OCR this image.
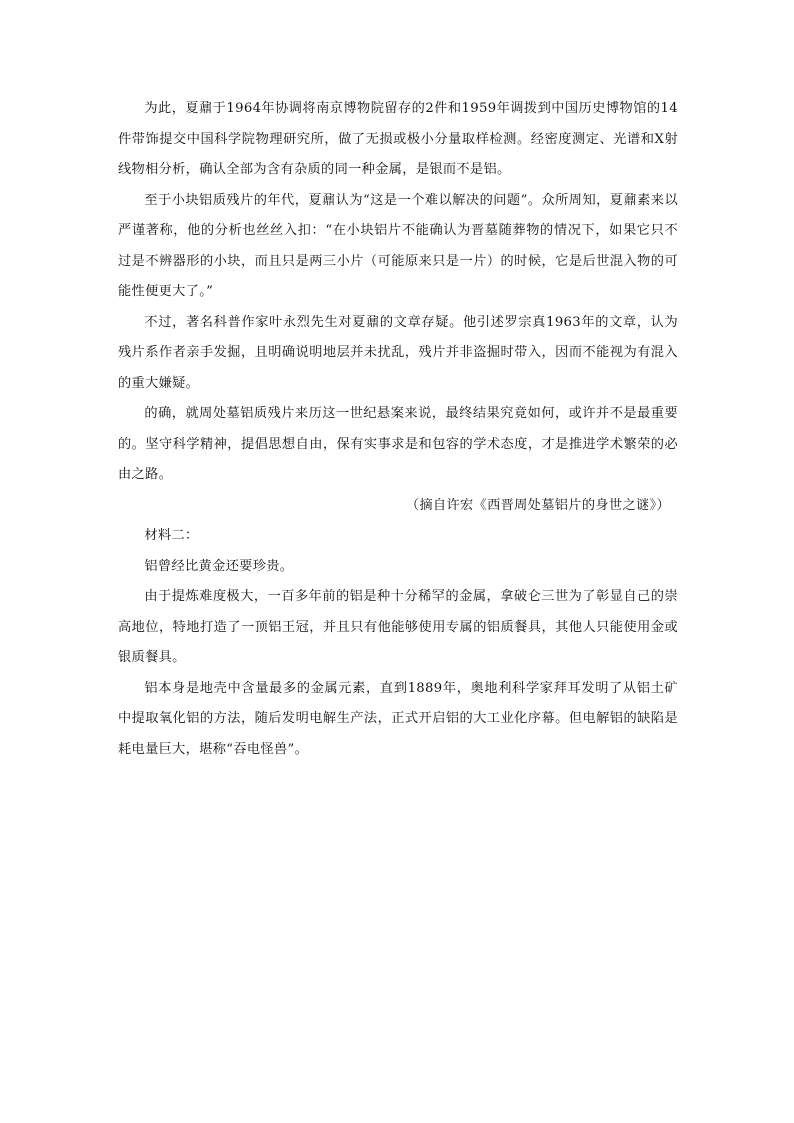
为此，夏鼐于1964年协调将南京博物院留存的2件和1959年调拨到中国历史博物馆的14件带饰提交中国科学院物理研究所，做了无损或极小分量取样检测。经密度测定、光谱和X射线物相分析，确认全部为含有杂质的同一种金属，是银而不是铝。

至于小块铝质残片的年代，夏鼐认为“这是一个难以解决的问题”。众所周知，夏鼐素来以严谨著称，他的分析也丝丝入扣：“在小块铝片不能确认为晋墓随葬物的情况下，如果它只不过是不辨器形的小块，而且只是两三小片（可能原来只是一片）的时候，它是后世混入物的可能性便更大了。”

不过，著名科普作家叶永烈先生对夏鼐的文章存疑。他引述罗宗真1963年的文章，认为残片系作者亲手发掘，且明确说明地层并未扰乱，残片并非盗掘时带入，因而不能视为有混入的重大嫌疑。

的确，就周处墓铝质残片来历这一世纪悬案来说，最终结果究竟如何，或许并不是最重要的。坚守科学精神，提倡思想自由，保有实事求是和包容的学术态度，才是推进学术繁荣的必由之路。

（摘自许宏《西晋周处墓铝片的身世之谜》）

材料二：

铝曾经比黄金还要珍贵。

由于提炼难度极大，一百多年前的铝是种十分稀罕的金属，拿破仑三世为了彰显自己的崇高地位，特地打造了一顶铝王冠，并且只有他能够使用专属的铝质餐具，其他人只能使用金或银质餐具。

铝本身是地壳中含量最多的金属元素，直到1889年，奥地利科学家拜耳发明了从铝土矿中提取氧化铝的方法，随后发明电解生产法，正式开启铝的大工业化序幕。但电解铝的缺陷是耗电量巨大，堪称“吞电怪兽”。
